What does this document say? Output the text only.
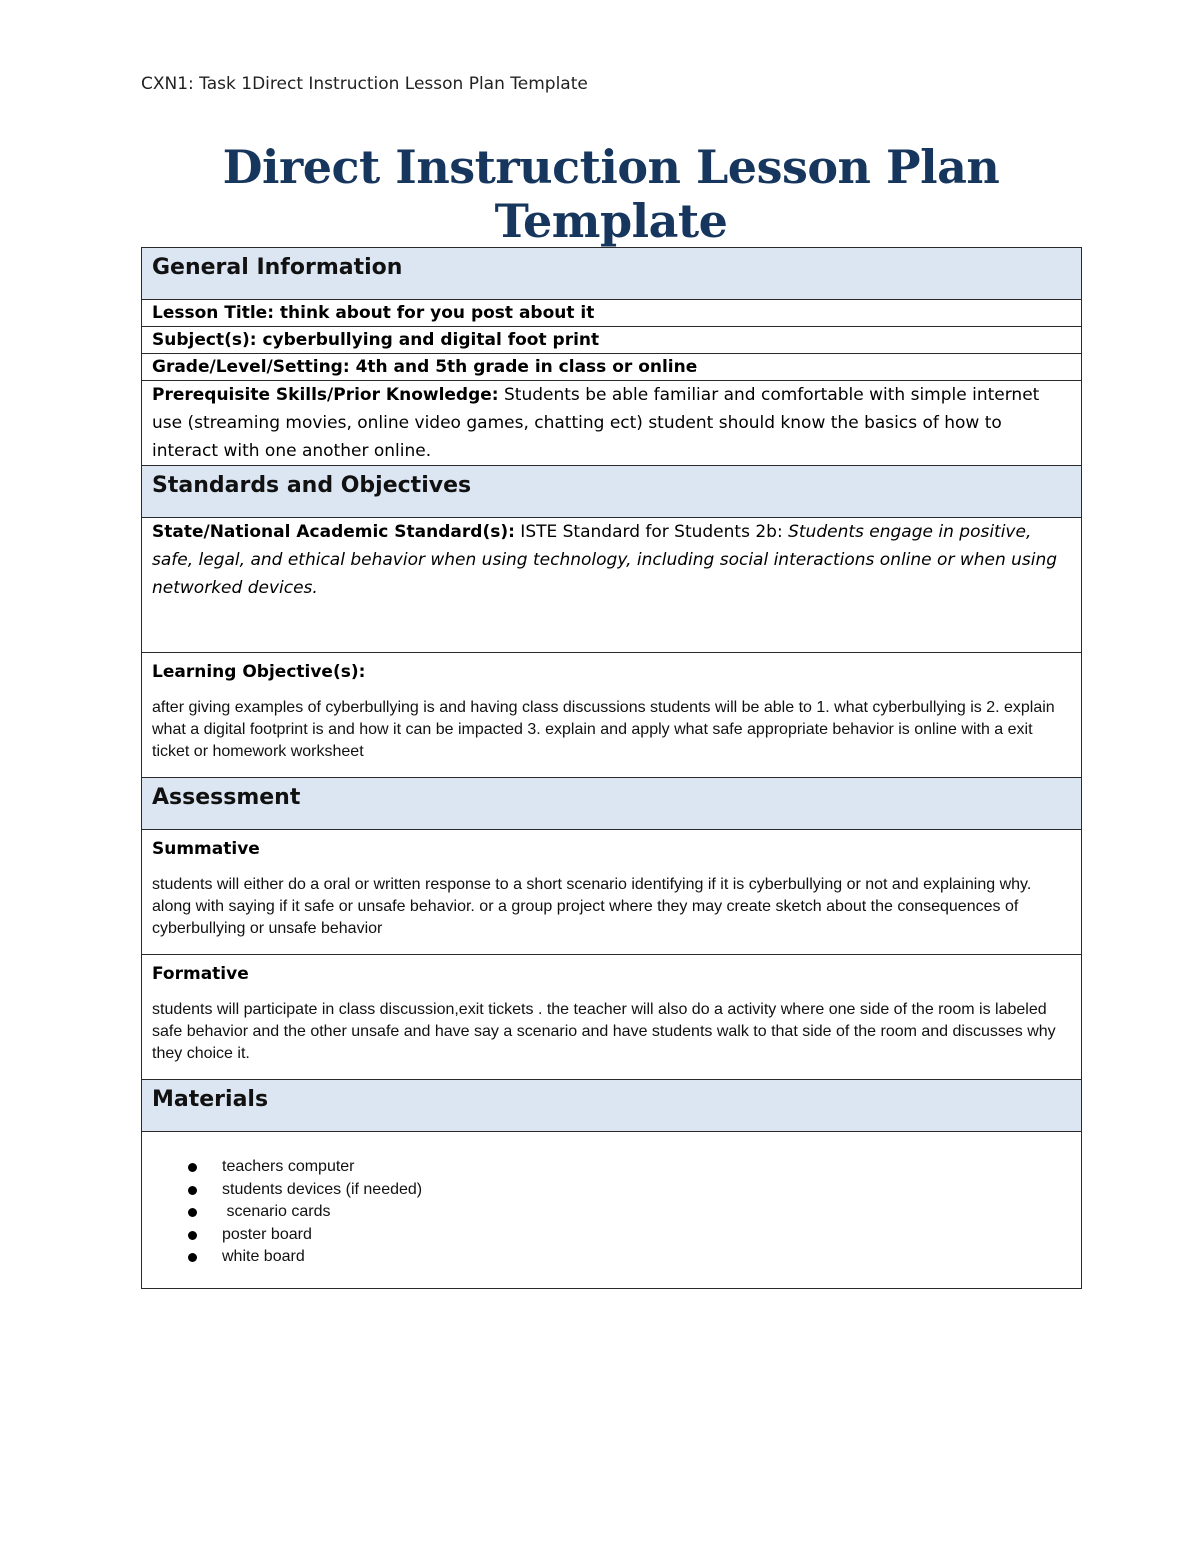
CXN1: Task 1Direct Instruction Lesson Plan Template
Direct Instruction Lesson Plan
Template
General Information

Lesson Title: think about for you post about it
Subject(s): cyberbullying and digital foot print
Grade/Level/Setting: 4th and 5th grade in class or online
Prerequisite Skills/Prior Knowledge: Students be able familiar and comfortable with simple internet use (streaming movies, online video games, chatting ect) student should know the basics of how to interact with one another online.

Standards and Objectives

State/National Academic Standard(s): ISTE Standard for Students 2b: Students engage in positive, safe, legal, and ethical behavior when using technology, including social interactions online or when using networked devices.

Learning Objective(s):
after giving examples of cyberbullying is and having class discussions students will be able to 1. what cyberbullying is 2. explain what a digital footprint is and how it can be impacted 3. explain and apply what safe appropriate behavior is online with a exit ticket or homework worksheet

Assessment

Summative
students will either do a oral or written response to a short scenario identifying if it is cyberbullying or not and explaining why. along with saying if it safe or unsafe behavior. or a group project where they may create sketch about the consequences of cyberbullying or unsafe behavior

Formative
students will participate in class discussion,exit tickets . the teacher will also do a activity where one side of the room is labeled safe behavior and the other unsafe and have say a scenario and have students walk to that side of the room and discusses why they choice it.

Materials

teachers computer
students devices (if needed)
scenario cards
poster board
white board
